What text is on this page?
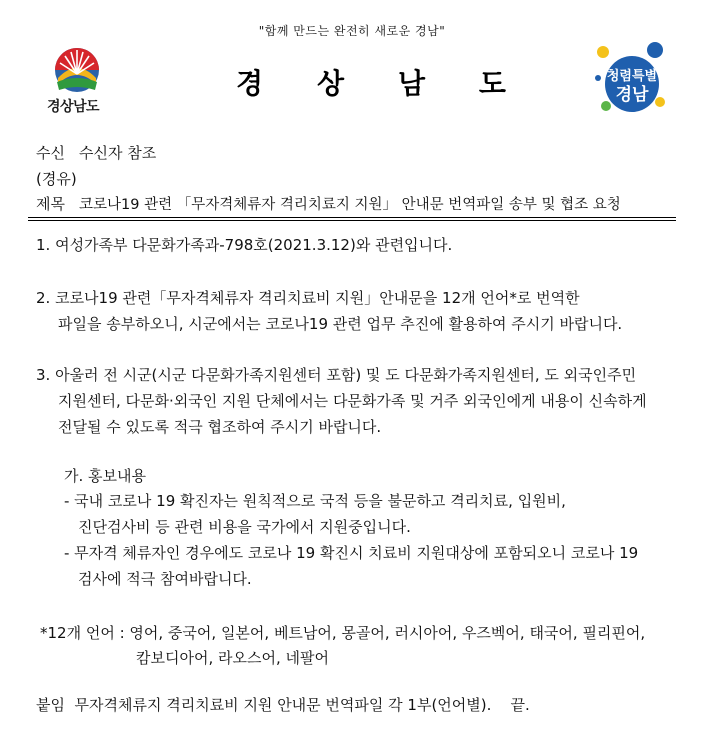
"함께 만드는 완전히 새로운 경남"
경상남도
경 상 남 도	청렴특별
경남
수신 수신자 참조
(경유)
제목 코로나19 관련 「무자격체류자 격리치료지 지원」 안내문 번역파일 송부 및 협조 요청
1. 여성가족부 다문화가족과-798호(2021.3.12)와 관련입니다.
2. 코로나19 관련「무자격체류자 격리치료비 지원」안내문을 12개 언어*로 번역한
파일을 송부하오니, 시군에서는 코로나19 관련 업무 추진에 활용하여 주시기 바랍니다.
3. 아울러 전 시군(시군 다문화가족지원센터 포함) 및 도 다문화가족지원센터, 도 외국인주민
지원센터, 다문화·외국인 지원 단체에서는 다문화가족 및 거주 외국인에게 내용이 신속하게
전달될 수 있도록 적극 협조하여 주시기 바랍니다.
가. 홍보내용
- 국내 코로나 19 확진자는 원칙적으로 국적 등을 불문하고 격리치료, 입원비,
진단검사비 등 관련 비용을 국가에서 지원중입니다.
- 무자격 체류자인 경우에도 코로나 19 확진시 치료비 지원대상에 포함되오니 코로나 19
검사에 적극 참여바랍니다.
*12개 언어 : 영어, 중국어, 일본어, 베트남어, 몽골어, 러시아어, 우즈벡어, 태국어, 필리핀어,
캄보디아어, 라오스어, 네팔어
붙임  무자격체류지 격리치료비 지원 안내문 번역파일 각 1부(언어별).    끝.
